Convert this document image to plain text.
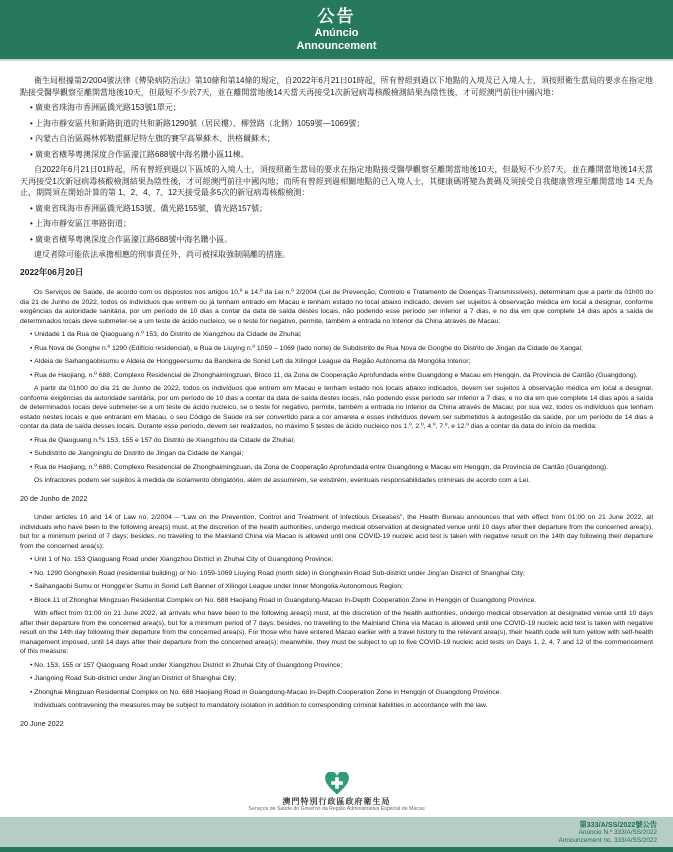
公告
Anúncio
Announcement

衛生局根據第2/2004號法律《傳染病防治法》第10條和第14條的規定，自2022年6月21日01時起，所有曾經到過以下地點的入境及已入境人士，須按照衛生當局的要求在指定地點接受醫學觀察至離開當地後10天，但最短不少於7天，並在離開當地後14天當天再接受1次新冠病毒核酸檢測結果為陰性後，才可經澳門前往中國內地：

• 廣東省珠海市香洲區僑光路153號1單元；
• 上海市靜安區共和新路街道的共和新路1290號（居民樓）、柳營路（北側）1059號—1069號；
• 內蒙古自治區錫林郭勒盟蘇尼特左旗的賽罕高畢蘇木、洪格爾蘇木；
• 廣東省橫琴粵澳深度合作區濠江路688號中海名鑽小區11棟。

自2022年6月21日01時起，所有曾經到過以下區域的入境人士，須按照衛生當局的要求在指定地點接受醫學觀察至離開當地後10天，但最短不少於7天，並在離開當地後14天當天再接受1次新冠病毒核酸檢測結果為陰性後，才可經澳門前往中國內地；而所有曾經到過相關地點的已入境人士，其健康碼將變為黃碼及須接受自我健康管理至離開當地 14 天為止，期間須在開始計算的第 1、2、4、7、12天接受最多5次的新冠病毒核酸檢測：

• 廣東省珠海市香洲區僑光路153號、僑光路155號、僑光路157號；
• 上海市靜安區江寧路街道；
• 廣東省橫琴粵澳深度合作區濠江路688號中海名鑽小區。

違反者除可能依法承擔相應的刑事責任外，尚可被採取強制隔離的措施。

2022年06月20日

Os Serviços de Saúde, de acordo com os dispostos nos artigos 10.º e 14.º da Lei n.º 2/2004 (Lei de Prevenção, Controlo e Tratamento de Doenças Transmissíveis), determinam que a partir da 01h00 do dia 21 de Junho de 2022, todos os indivíduos que entrem ou já tenham entrado em Macau e tenham estado no local abaixo indicado, devem ser sujeitos à observação médica em local a designar, conforme exigências da autoridade sanitária, por um período de 10 dias a contar da data de saída destes locais, não podendo esse período ser inferior a 7 dias, e no dia em que complete 14 dias após a saída de determinados locais deve submeter-se a um teste de ácido nucleico, se o teste for negativo, permite, também a entrada no Interior da China através de Macau:

• Unidade 1 da Rua de Qiaoguang n.º 153, do Distrito de Xiangzhou da Cidade de Zhuhai;
• Rua Nova de Gonghe n.º 1290 (Edifício residencial), e Rua de Liuying n.º 1059 – 1069 (lado norte) de Subdistrito de Rua Nova de Gonghe do Distrito de Jingan da Cidade de Xangai;
• Aldeia de Saihangaobisumu e Aldeia de Honggeersumu da Bandeira de Sonid Left da Xilingol League da Região Autónoma da Mongólia Interior;
• Rua de Haojiang, n.º 688, Complexo Residencial de Zhonghaimingzuan, Bloco 11, da Zona de Cooperação Aprofundada entre Guangdong e Macau em Hengqin, da Província de Cantão (Guangdong).

A partir da 01h00 do dia 21 de Junho de 2022, todos os indivíduos que entrem em Macau e tenham estado nos locais abaixo indicados, devem ser sujeitos à observação médica em local a designar, conforme exigências da autoridade sanitária, por um período de 10 dias a contar da data de saída destes locais, não podendo esse período ser inferior a 7 dias, e no dia em que complete 14 dias após a saída de determinados locais deve submeter-se a um teste de ácido nucleico, se o teste for negativo, permite, também a entrada no Interior da China através de Macau; por sua vez, todos os indivíduos que tenham estado nestes locais e que entraram em Macau, o seu Código de Saúde irá ser convertido para a cor amarela e esses indivíduos devem ser submetidos à autogestão da saúde, por um período de 14 dias a contar da data de saída desses locais. Durante esse período, devem ser realizados, no máximo 5 testes de ácido nucleico nos 1.º, 2.º, 4.º, 7.º, e 12.º dias a contar da data do início da medida:

• Rua de Qiaoguang n.ºs 153, 155 e 157 do Distrito de Xiangzhou da Cidade de Zhuhai;
• Subdistrito de Jiangninglu do Distrito de Jingan da Cidade de Xangai;
• Rua de Haojiang, n.º 688, Complexo Residencial de Zhonghaimingzuan, da Zona de Cooperação Aprofundada entre Guangdong e Macau em Hengqin, da Província de Cantão (Guangdong).

Os infractores podem ser sujeitos à medida de isolamento obrigatório, além de assumirem, se existirem, eventuais responsabilidades criminais de acordo com a Lei.

20 de Junho de 2022

Under articles 10 and 14 of Law no. 2/2004 – “Law on the Prevention, Control and Treatment of Infectious Diseases”, the Health Bureau announces that with effect from 01:00 on 21 June 2022, all individuals who have been to the following area(s) must, at the discretion of the health authorities, undergo medical observation at designated venue until 10 days after their departure from the concerned area(s), but for a minimum period of 7 days; besides, no traveling to the Mainland China via Macao is allowed until one COVID-19 nucleic acid test is taken with negative result on the 14th day following their departure from the concerned area(s):

• Unit 1 of No. 153 Qiaoguang Road under Xiangzhou District in Zhuhai City of Guangdong Province;
• No. 1290 Gonghexin Road (residential building) or No. 1059-1069 Liuying Road (north side) in Gonghexin Road Sub-district under Jing'an District of Shanghai City;
• Saihangaobi Sumu or Hongge'er Sumu in Sonid Left Banner of Xilingol League under Inner Mongolia Autonomous Region;
• Block 11 of Zhonghai Mingzuan Residential Complex on No. 688 Haojiang Road in Guangdong-Macao In-Depth Cooperation Zone in Hengqin of Guangdong Province.

With effect from 01:00 on 21 June 2022, all arrivals who have been to the following area(s) must, at the discretion of the health authorities, undergo medical observation at designated venue until 10 days after their departure from the concerned area(s), but for a minimum period of 7 days; besides, no travelling to the Mainland China via Macao is allowed until one COVID-19 nucleic acid test is taken with negative result on the 14th day following their departure from the concerned area(s). For those who have entered Macao earlier with a travel history to the relevant area(s), their health code will turn yellow with self-health management imposed, until 14 days after their departure from the concerned area(s); meanwhile, they must be subject to up to five COVID-19 nucleic acid tests on Days 1, 2, 4, 7 and 12 of the commencement of this measure:

• No. 153, 155 or 157 Qiaoguang Road under Xiangzhou District in Zhuhai City of Guangdong Province;
• Jiangning Road Sub-district under Jing'an District of Shanghai City;
• Zhonghai Mingzuan Residential Complex on No. 688 Haojiang Road in Guangdong-Macao In-Depth Cooperation Zone in Hengqin of Guangdong Province.

Individuals contravening the measures may be subject to mandatory isolation in addition to corresponding criminal liabilities in accordance with the law.

20 June 2022

澳門特別行政區政府衛生局
Serviços de Saúde do Governo da Região Administrativa Especial de Macau
第333/A/SS/2022號公告
Anúncio N.º 333/A/SS/2022
Announcement no. 333/A/SS/2022
